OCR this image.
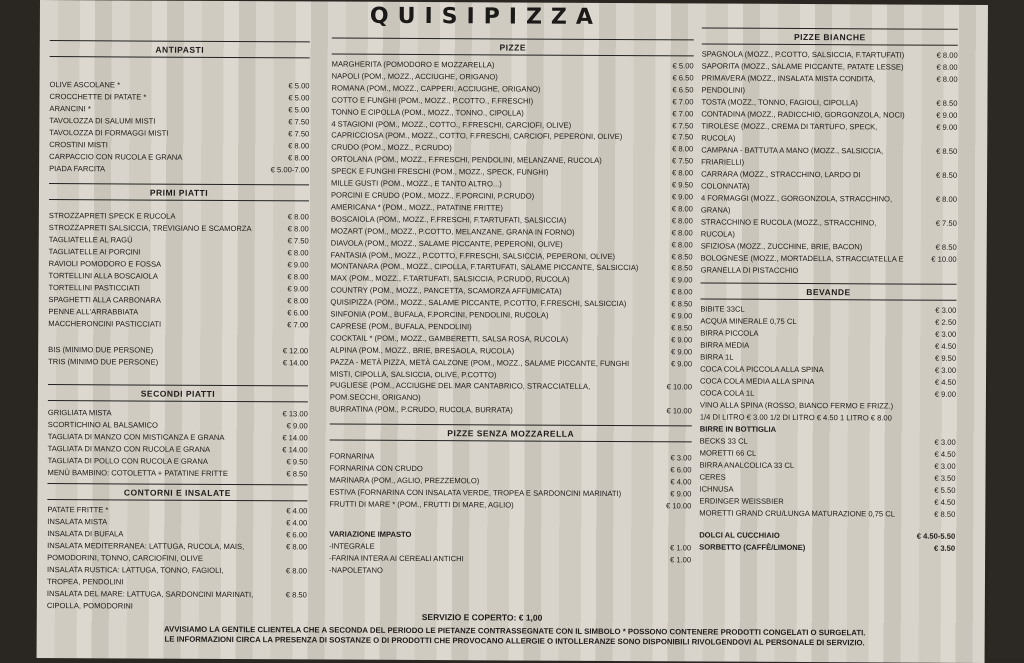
QUISIPIZZA
ANTIPASTI
OLIVE ASCOLANE *	€ 5.00
CROCCHETTE DI PATATE *	€ 5.00
ARANCINI *	€ 5.00
TAVOLOZZA DI SALUMI MISTI	€ 7.50
TAVOLOZZA DI FORMAGGI MISTI	€ 7.50
CROSTINI MISTI	€ 8.00
CARPACCIO CON RUCOLA E GRANA	€ 8.00
PIADA FARCITA	€ 5.00-7.00
PRIMI PIATTI
STROZZAPRETI SPECK E RUCOLA	€ 8.00
STROZZAPRETI SALSICCIA, TREVIGIANO E SCAMORZA	€ 8.00
TAGLIATELLE AL RAGÙ	€ 7.50
TAGLIATELLE AI PORCINI	€ 8.00
RAVIOLI POMODORO E FOSSA	€ 9.00
TORTELLINI ALLA BOSCAIOLA	€ 8.00
TORTELLINI PASTICCIATI	€ 9.00
SPAGHETTI ALLA CARBONARA	€ 8.00
PENNE ALL'ARRABBIATA	€ 6.00
MACCHERONCINI PASTICCIATI	€ 7.00
BIS (MINIMO DUE PERSONE)	€ 12.00
TRIS (MINIMO DUE PERSONE)	€ 14.00
SECONDI PIATTI
GRIGLIATA MISTA	€ 13.00
SCORTICHINO AL BALSAMICO	€ 9.00
TAGLIATA DI MANZO CON MISTICANZA E GRANA	€ 14.00
TAGLIATA DI MANZO CON RUCOLA E GRANA	€ 14.00
TAGLIATA DI POLLO CON RUCOLA E GRANA	€ 9.50
MENÙ BAMBINO: COTOLETTA + PATATINE FRITTE	€ 8.50
CONTORNI E INSALATE
PATATE FRITTE *	€ 4.00
INSALATA MISTA	€ 4.00
INSALATA DI BUFALA	€ 6.00
INSALATA MEDITERRANEA: LATTUGA, RUCOLA, MAIS, POMODORINI, TONNO, CARCIOFINI, OLIVE
€ 8.00
INSALATA RUSTICA: LATTUGA, TONNO, FAGIOLI, TROPEA, PENDOLINI
€ 8.00
INSALATA DEL MARE: LATTUGA, SARDONCINI MARINATI, CIPOLLA, POMODORINI
€ 8.50
PIZZE
MARGHERITA (POMODORO E MOZZARELLA)	€ 5.00
NAPOLI (POM., MOZZ., ACCIUGHE, ORIGANO)	€ 6.50
ROMANA (POM., MOZZ., CAPPERI, ACCIUGHE, ORIGANO)	€ 6.50
COTTO E FUNGHI (POM., MOZZ., P.COTTO., F.FRESCHI)	€ 7.00
TONNO E CIPOLLA (POM., MOZZ., TONNO., CIPOLLA)	€ 7.00
4 STAGIONI (POM., MOZZ., COTTO., F.FRESCHI, CARCIOFI, OLIVE)	€ 7.50
CAPRICCIOSA (POM., MOZZ., COTTO, F.FRESCHI, CARCIOFI, PEPERONI, OLIVE)	€ 7.50
CRUDO (POM., MOZZ., P.CRUDO)	€ 8.00
ORTOLANA (POM., MOZZ., F.FRESCHI, PENDOLINI, MELANZANE, RUCOLA)	€ 7.50
SPECK E FUNGHI FRESCHI (POM., MOZZ., SPECK, FUNGHI)	€ 8.00
MILLE GUSTI (POM., MOZZ., E TANTO ALTRO...)	€ 9.50
PORCINI E CRUDO (POM., MOZZ., F.PORCINI, P.CRUDO)	€ 9.00
AMERICANA * (POM., MOZZ., PATATINE FRITTE)	€ 8.00
BOSCAIOLA (POM., MOZZ., F.FRESCHI, F.TARTUFATI, SALSICCIA)	€ 8.00
MOZART (POM., MOZZ., P.COTTO, MELANZANE, GRANA IN FORNO)	€ 8.00
DIAVOLA (POM., MOZZ., SALAME PICCANTE, PEPERONI, OLIVE)	€ 8.00
FANTASIA (POM., MOZZ., P.COTTO, F.FRESCHI, SALSICCIA, PEPERONI, OLIVE)	€ 8.50
MONTANARA (POM., MOZZ., CIPOLLA, F.TARTUFATI, SALAME PICCANTE, SALSICCIA)	€ 8.50
MAX (POM., MOZZ., F.TARTUFATI, SALSICCIA, P.CRUDO, RUCOLA)	€ 9.00
COUNTRY (POM., MOZZ., PANCETTA, SCAMORZA AFFUMICATA)	€ 8.00
QUISIPIZZA (POM., MOZZ., SALAME PICCANTE, P.COTTO, F.FRESCHI, SALSICCIA)	€ 8.50
SINFONIA (POM., BUFALA, F.PORCINI, PENDOLINI, RUCOLA)	€ 9.00
CAPRESE (POM., BUFALA, PENDOLINI)	€ 8.50
COCKTAIL * (POM., MOZZ., GAMBERETTI, SALSA ROSA, RUCOLA)	€ 9.00
ALPINA (POM., MOZZ., BRIE, BRESAOLA, RUCOLA)	€ 9.00
PAZZA - METÀ PIZZA, METÀ CALZONE (POM., MOZZ., SALAME PICCANTE, FUNGHI MISTI, CIPOLLA, SALSICCIA, OLIVE, P.COTTO)
€ 9.00
PUGLIESE (POM., ACCIUGHE DEL MAR CANTABRICO, STRACCIATELLA, POM.SECCHI, ORIGANO)
€ 10.00
BURRATINA (POM., P.CRUDO, RUCOLA, BURRATA)	€ 10.00
PIZZE SENZA MOZZARELLA
FORNARINA	€ 3.00
FORNARINA CON CRUDO	€ 6.00
MARINARA (POM., AGLIO, PREZZEMOLO)	€ 4.00
ESTIVA (FORNARINA CON INSALATA VERDE, TROPEA E SARDONCINI MARINATI)	€ 9.00
FRUTTI DI MARE * (POM., FRUTTI DI MARE, AGLIO)	€ 10.00
VARIAZIONE IMPASTO
-INTEGRALE	€ 1.00
-FARINA INTERA AI CEREALI ANTICHI	€ 1.00
-NAPOLETANO
PIZZE BIANCHE
SPAGNOLA (MOZZ., P.COTTO, SALSICCIA, F.TARTUFATI)	€ 8.00
SAPORITA (MOZZ., SALAME PICCANTE, PATATE LESSE)	€ 8.00
PRIMAVERA (MOZZ., INSALATA MISTA CONDITA, PENDOLINI)
€ 8.00
TOSTA (MOZZ., TONNO, FAGIOLI, CIPOLLA)	€ 8.50
CONTADINA (MOZZ., RADICCHIO, GORGONZOLA, NOCI)	€ 9.00
TIROLESE (MOZZ., CREMA DI TARTUFO, SPECK, RUCOLA)
€ 9.00
CAMPANA - BATTUTA A MANO (MOZZ., SALSICCIA, FRIARIELLI)
€ 8.50
CARRARA (MOZZ., STRACCHINO, LARDO DI COLONNATA)
€ 8.50
4 FORMAGGI (MOZZ., GORGONZOLA, STRACCHINO, GRANA)
€ 8.00
STRACCHINO E RUCOLA (MOZZ., STRACCHINO, RUCOLA)
€ 7.50
SFIZIOSA (MOZZ., ZUCCHINE, BRIE, BACON)	€ 8.50
BOLOGNESE (MOZZ., MORTADELLA, STRACCIATELLA E GRANELLA DI PISTACCHIO
€ 10.00
BEVANDE
BIBITE 33CL	€ 3.00
ACQUA MINERALE 0,75 CL	€ 2.50
BIRRA PICCOLA	€ 3.00
BIRRA MEDIA	€ 4.50
BIRRA 1L	€ 9.50
COCA COLA PICCOLA ALLA SPINA	€ 3.00
COCA COLA MEDIA ALLA SPINA	€ 4.50
COCA COLA 1L	€ 9.00
VINO ALLA SPINA (ROSSO, BIANCO FERMO E FRIZZ.)
1/4 DI LITRO € 3.00 1/2 DI LITRO € 4.50 1 LITRO € 8.00
BIRRE IN BOTTIGLIA
BECKS 33 CL	€ 3.00
MORETTI 66 CL	€ 4.50
BIRRA ANALCOLICA 33 CL	€ 3.00
CERES	€ 3.50
ICHNUSA	€ 5.50
ERDINGER WEISSBIER	€ 4.50
MORETTI GRAND CRU/LUNGA MATURAZIONE 0,75 CL	€ 8.50
DOLCI AL CUCCHIAIO	€ 4.50-5.50
SORBETTO (CAFFÈ/LIMONE)	€ 3.50
SERVIZIO E COPERTO: € 1,00
AVVISIAMO LA GENTILE CLIENTELA CHE A SECONDA DEL PERIODO LE PIETANZE CONTRASSEGNATE CON IL SIMBOLO * POSSONO CONTENERE PRODOTTI CONGELATI O SURGELATI.
LE INFORMAZIONI CIRCA LA PRESENZA DI SOSTANZE O DI PRODOTTI CHE PROVOCANO ALLERGIE O INTOLLERANZE SONO DISPONIBILI RIVOLGENDOVI AL PERSONALE DI SERVIZIO.
